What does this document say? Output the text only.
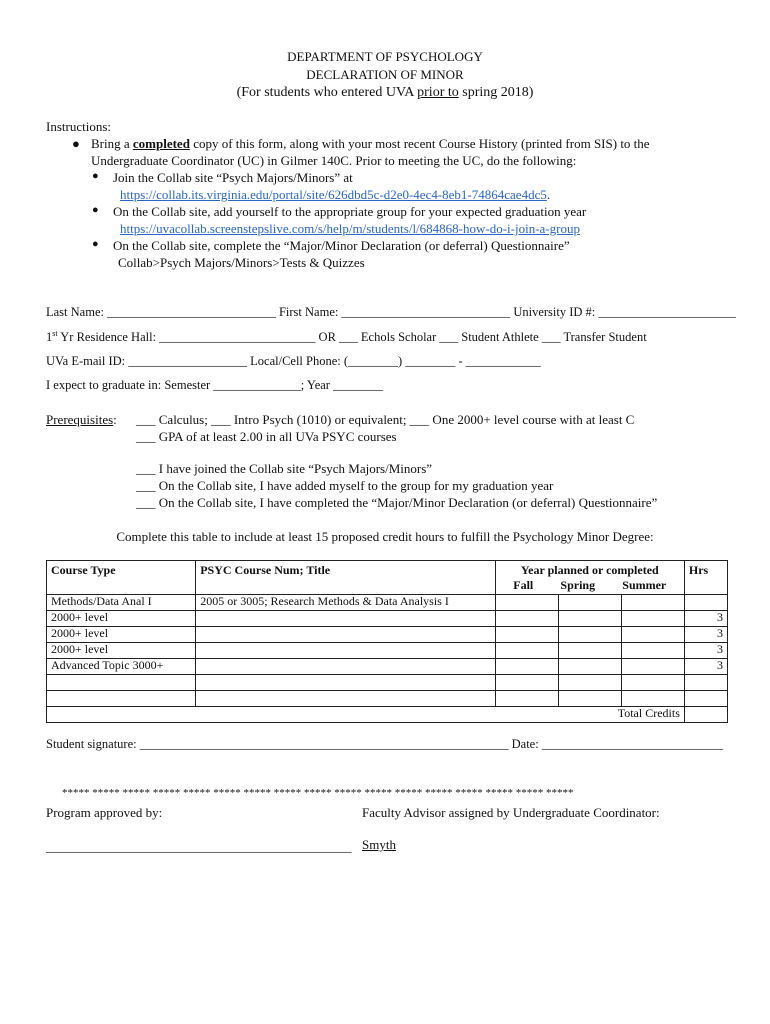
DEPARTMENT OF PSYCHOLOGY
DECLARATION OF MINOR
(For students who entered UVA prior to spring 2018)
Instructions:
● Bring a completed copy of this form, along with your most recent Course History (printed from SIS) to the
Undergraduate Coordinator (UC) in Gilmer 140C. Prior to meeting the UC, do the following:
● Join the Collab site “Psych Majors/Minors” at
https://collab.its.virginia.edu/portal/site/626dbd5c-d2e0-4ec4-8eb1-74864cae4dc5.
● On the Collab site, add yourself to the appropriate group for your expected graduation year
https://uvacollab.screenstepslive.com/s/help/m/students/l/684868-how-do-i-join-a-group
● On the Collab site, complete the “Major/Minor Declaration (or deferral) Questionnaire”
Collab>Psych Majors/Minors>Tests & Quizzes
Last Name: ___________________________ First Name: ___________________________ University ID #: ______________________
1st Yr Residence Hall: _________________________ OR ___ Echols Scholar ___ Student Athlete ___ Transfer Student
UVa E-mail ID: ___________________ Local/Cell Phone: (________) ________ - ____________
I expect to graduate in: Semester ______________; Year ________
Prerequisites: ___ Calculus; ___ Intro Psych (1010) or equivalent; ___ One 2000+ level course with at least C
___ GPA of at least 2.00 in all UVa PSYC courses
___ I have joined the Collab site “Psych Majors/Minors”
___ On the Collab site, I have added myself to the group for my graduation year
___ On the Collab site, I have completed the “Major/Minor Declaration (or deferral) Questionnaire”
Complete this table to include at least 15 proposed credit hours to fulfill the Psychology Minor Degree:
Course Type	PSYC Course Num; Title	Year planned or completed
Fall Spring Summer			Hrs
Methods/Data Anal I	2005 or 3005; Research Methods & Data Analysis I				
2000+ level					3
2000+ level					3
2000+ level					3
Advanced Topic 3000+					3

Total Credits					
Student signature: ___________________________________________________________ Date: _____________________________
***** ***** ***** ***** ***** ***** ***** ***** ***** ***** ***** ***** ***** ***** ***** ***** *****
Program approved by:	Faculty Advisor assigned by Undergraduate Coordinator:
_______________________________________________ Smyth
